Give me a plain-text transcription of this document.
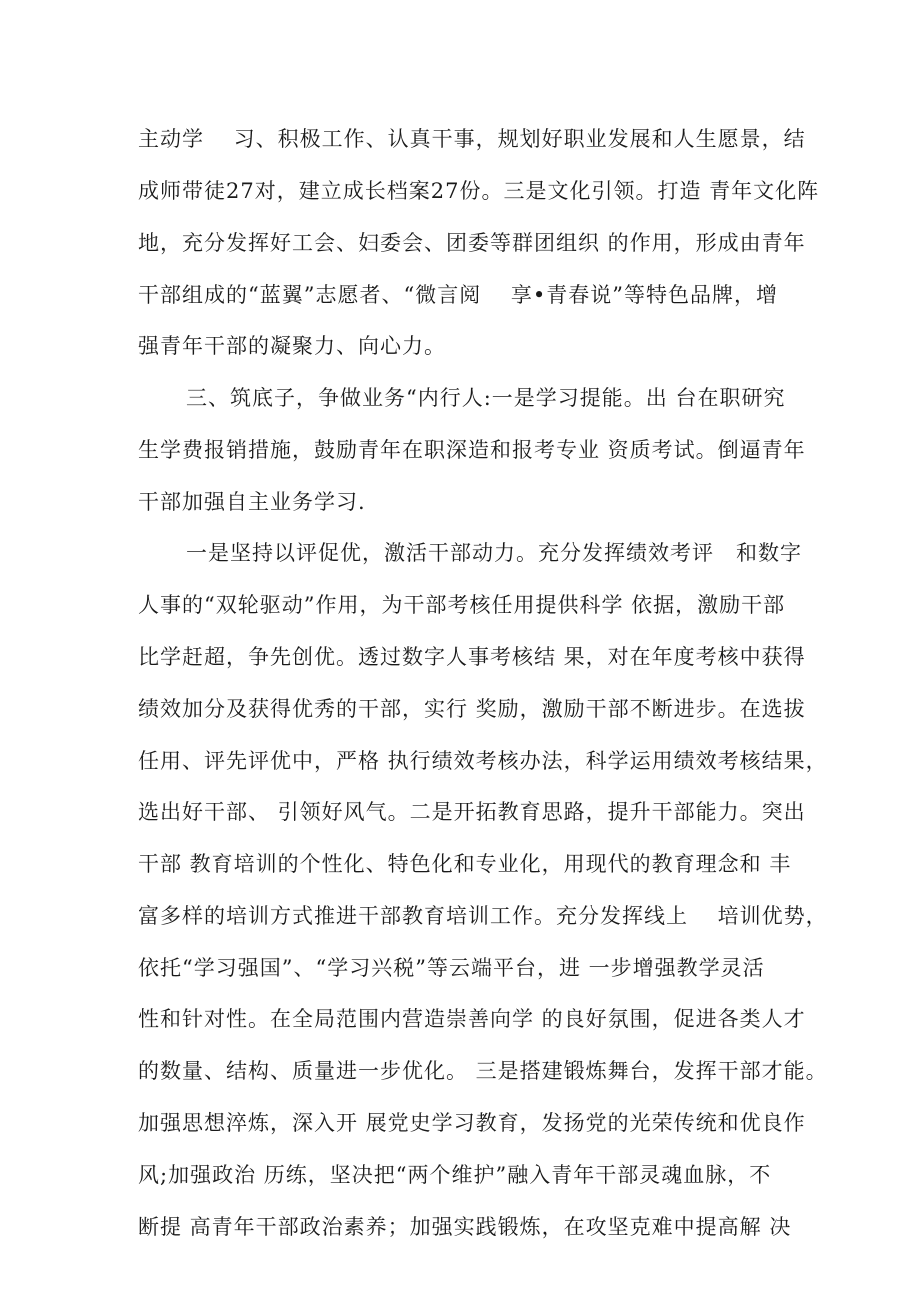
主动学　 习、积极工作、认真干事，规划好职业发展和人生愿景，结
成师带徒27对，建立成长档案27份。三是文化引领。打造 青年文化阵
地，充分发挥好工会、妇委会、团委等群团组织 的作用，形成由青年
干部组成的“蓝翼”志愿者、“微言阅　 享•青春说”等特色品牌，增
强青年干部的凝聚力、向心力。
三、筑底子，争做业务“内行人:一是学习提能。出 台在职研究
生学费报销措施，鼓励青年在职深造和报考专业 资质考试。倒逼青年
干部加强自主业务学习.
一是坚持以评促优，激活干部动力。充分发挥绩效考评　和数字
人事的“双轮驱动”作用，为干部考核任用提供科学 依据，激励干部
比学赶超，争先创优。透过数字人事考核结 果，对在年度考核中获得
绩效加分及获得优秀的干部，实行 奖励，激励干部不断进步。在选拔
任用、评先评优中，严格 执行绩效考核办法，科学运用绩效考核结果，
选出好干部、 引领好风气。二是开拓教育思路，提升干部能力。突出
干部 教育培训的个性化、特色化和专业化，用现代的教育理念和 丰
富多样的培训方式推进干部教育培训工作。充分发挥线上　 培训优势，
依托“学习强国”、“学习兴税”等云端平台，进 一步增强教学灵活
性和针对性。在全局范围内营造崇善向学 的良好氛围，促进各类人才
的数量、结构、质量进一步优化。 三是搭建锻炼舞台，发挥干部才能。
加强思想淬炼，深入开 展党史学习教育，发扬党的光荣传统和优良作
风;加强政治 历练，坚决把“两个维护”融入青年干部灵魂血脉，不
断提 高青年干部政治素养；加强实践锻炼，在攻坚克难中提高解 决
